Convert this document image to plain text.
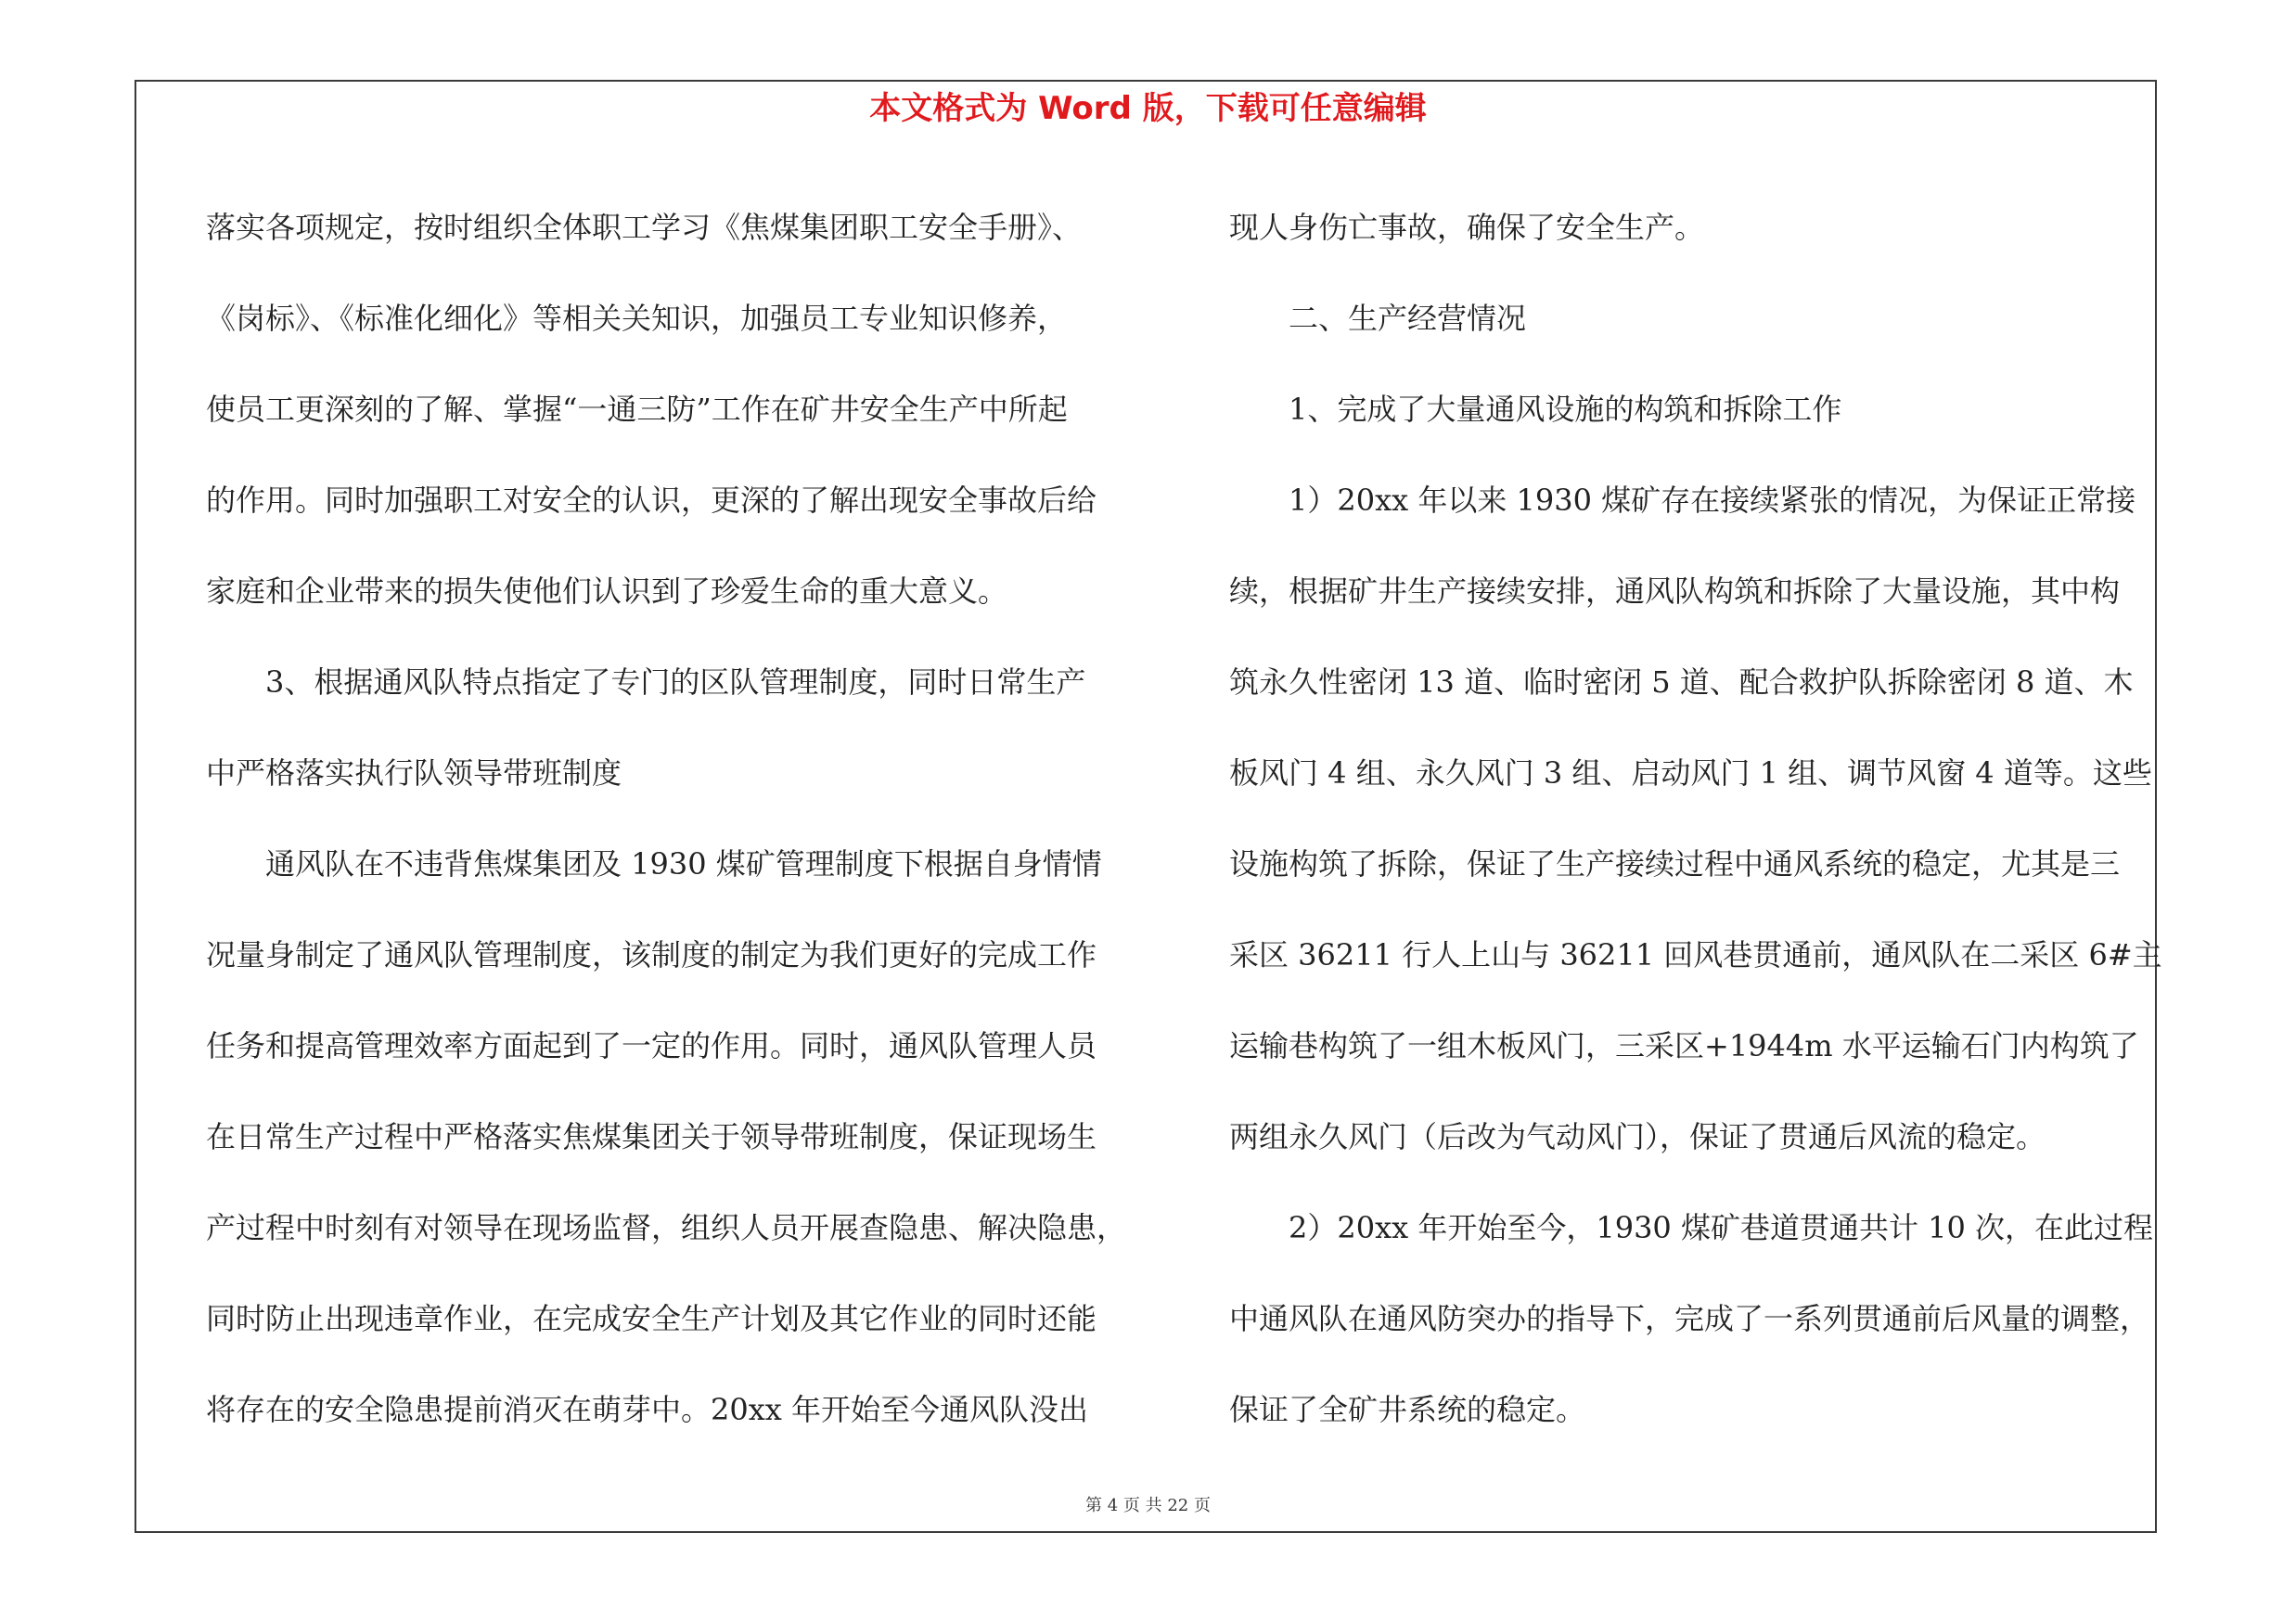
本文格式为 Word 版，下载可任意编辑
落实各项规定，按时组织全体职工学习《焦煤集团职工安全手册》、
《岗标》、《标准化细化》等相关关知识，加强员工专业知识修养，
使员工更深刻的了解、掌握“一通三防”工作在矿井安全生产中所起
的作用。同时加强职工对安全的认识，更深的了解出现安全事故后给
家庭和企业带来的损失使他们认识到了珍爱生命的重大意义。
　　3、根据通风队特点指定了专门的区队管理制度，同时日常生产
中严格落实执行队领导带班制度
　　通风队在不违背焦煤集团及 1930 煤矿管理制度下根据自身情情
况量身制定了通风队管理制度，该制度的制定为我们更好的完成工作
任务和提高管理效率方面起到了一定的作用。同时，通风队管理人员
在日常生产过程中严格落实焦煤集团关于领导带班制度，保证现场生
产过程中时刻有对领导在现场监督，组织人员开展查隐患、解决隐患，
同时防止出现违章作业，在完成安全生产计划及其它作业的同时还能
将存在的安全隐患提前消灭在萌芽中。20xx 年开始至今通风队没出
现人身伤亡事故，确保了安全生产。
　　二、生产经营情况
　　1、完成了大量通风设施的构筑和拆除工作
　　1）20xx 年以来 1930 煤矿存在接续紧张的情况，为保证正常接
续，根据矿井生产接续安排，通风队构筑和拆除了大量设施，其中构
筑永久性密闭 13 道、临时密闭 5 道、配合救护队拆除密闭 8 道、木
板风门 4 组、永久风门 3 组、启动风门 1 组、调节风窗 4 道等。这些
设施构筑了拆除，保证了生产接续过程中通风系统的稳定，尤其是三
采区 36211 行人上山与 36211 回风巷贯通前，通风队在二采区 6#主
运输巷构筑了一组木板风门，三采区+1944m 水平运输石门内构筑了
两组永久风门（后改为气动风门），保证了贯通后风流的稳定。
　　2）20xx 年开始至今，1930 煤矿巷道贯通共计 10 次，在此过程
中通风队在通风防突办的指导下，完成了一系列贯通前后风量的调整，
保证了全矿井系统的稳定。
第 4 页 共 22 页
